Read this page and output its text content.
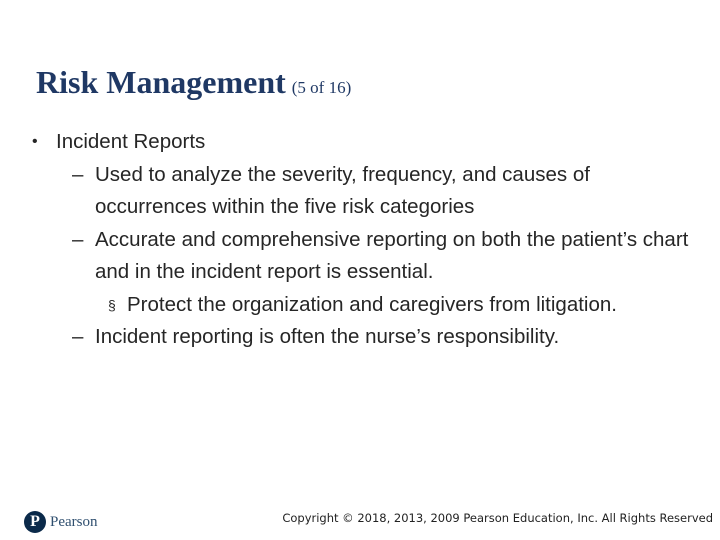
Risk Management (5 of 16)
• Incident Reports
– Used to analyze the severity, frequency, and causes of occurrences within the five risk categories
– Accurate and comprehensive reporting on both the patient’s chart and in the incident report is essential.
§ Protect the organization and caregivers from litigation.
– Incident reporting is often the nurse’s responsibility.
P Pearson	Copyright © 2018, 2013, 2009 Pearson Education, Inc. All Rights Reserved
